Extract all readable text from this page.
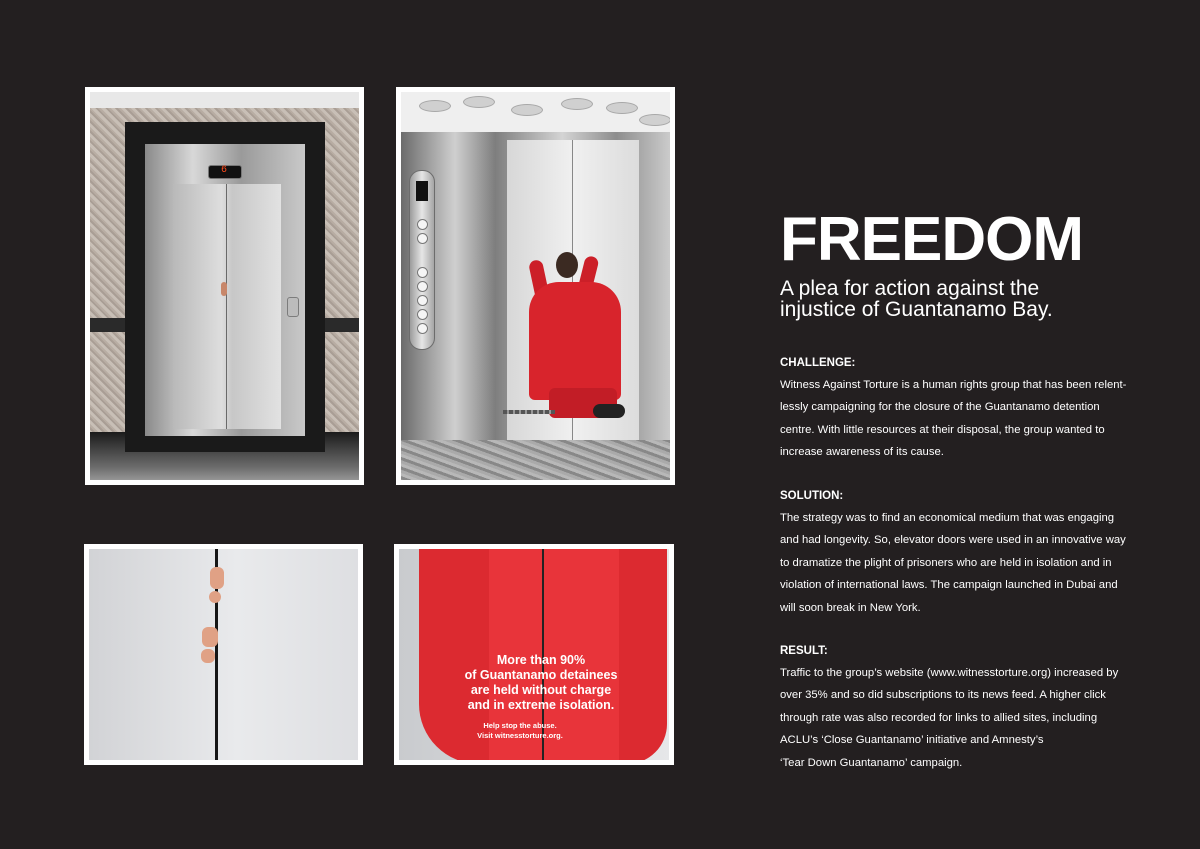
6
More than 90%
of Guantanamo detainees
are held without charge
and in extreme isolation.
Help stop the abuse.
Visit witnesstorture.org.
FREEDOM

A plea for action against the
injustice of Guantanamo Bay.

CHALLENGE:

Witness Against Torture is a human rights group that has been relent-
lessly campaigning for the closure of the Guantanamo detention
centre. With little resources at their disposal, the group wanted to
increase awareness of its cause.

SOLUTION:

The strategy was to find an economical medium that was engaging
and had longevity. So, elevator doors were used in an innovative way
to dramatize the plight of prisoners who are held in isolation and in
violation of international laws. The campaign launched in Dubai and
will soon break in New York.

RESULT:

Traffic to the group’s website (www.witnesstorture.org) increased by
over 35% and so did subscriptions to its news feed. A higher click
through rate was also recorded for links to allied sites, including
ACLU’s ‘Close Guantanamo’ initiative and Amnesty’s
‘Tear Down Guantanamo’ campaign.
